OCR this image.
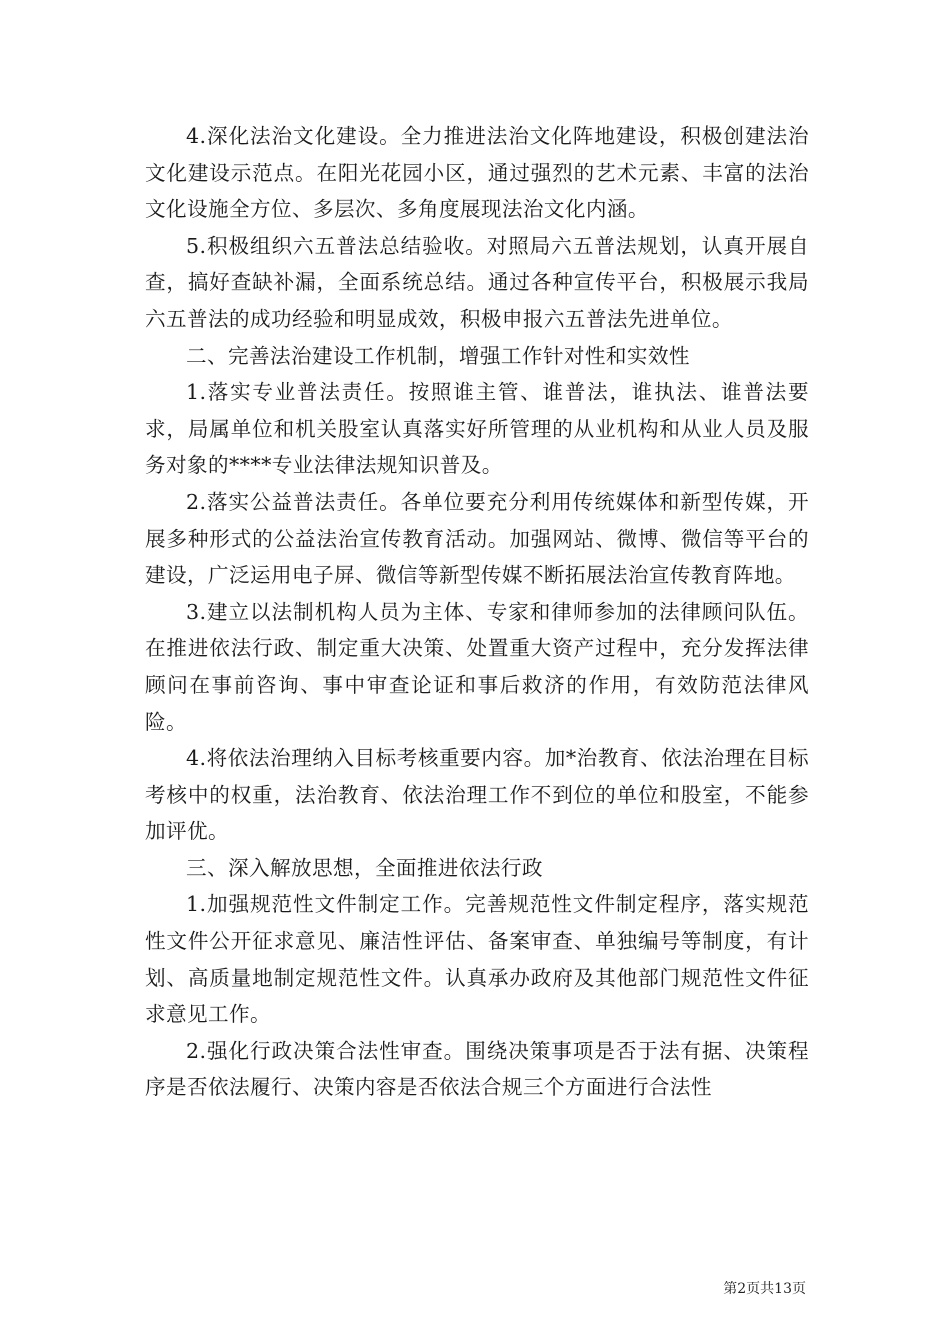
4.深化法治文化建设。全力推进法治文化阵地建设，积极创建法治文化建设示范点。在阳光花园小区，通过强烈的艺术元素、丰富的法治文化设施全方位、多层次、多角度展现法治文化内涵。

5.积极组织六五普法总结验收。对照局六五普法规划，认真开展自查，搞好查缺补漏，全面系统总结。通过各种宣传平台，积极展示我局六五普法的成功经验和明显成效，积极申报六五普法先进单位。

二、完善法治建设工作机制，增强工作针对性和实效性

1.落实专业普法责任。按照谁主管、谁普法，谁执法、谁普法要求，局属单位和机关股室认真落实好所管理的从业机构和从业人员及服务对象的****专业法律法规知识普及。

2.落实公益普法责任。各单位要充分利用传统媒体和新型传媒，开展多种形式的公益法治宣传教育活动。加强网站、微博、微信等平台的建设，广泛运用电子屏、微信等新型传媒不断拓展法治宣传教育阵地。

3.建立以法制机构人员为主体、专家和律师参加的法律顾问队伍。在推进依法行政、制定重大决策、处置重大资产过程中，充分发挥法律顾问在事前咨询、事中审查论证和事后救济的作用，有效防范法律风险。

4.将依法治理纳入目标考核重要内容。加*治教育、依法治理在目标考核中的权重，法治教育、依法治理工作不到位的单位和股室，不能参加评优。

三、深入解放思想，全面推进依法行政

1.加强规范性文件制定工作。完善规范性文件制定程序，落实规范性文件公开征求意见、廉洁性评估、备案审查、单独编号等制度，有计划、高质量地制定规范性文件。认真承办政府及其他部门规范性文件征求意见工作。

2.强化行政决策合法性审查。围绕决策事项是否于法有据、决策程序是否依法履行、决策内容是否依法合规三个方面进行合法性

第2页共13页
